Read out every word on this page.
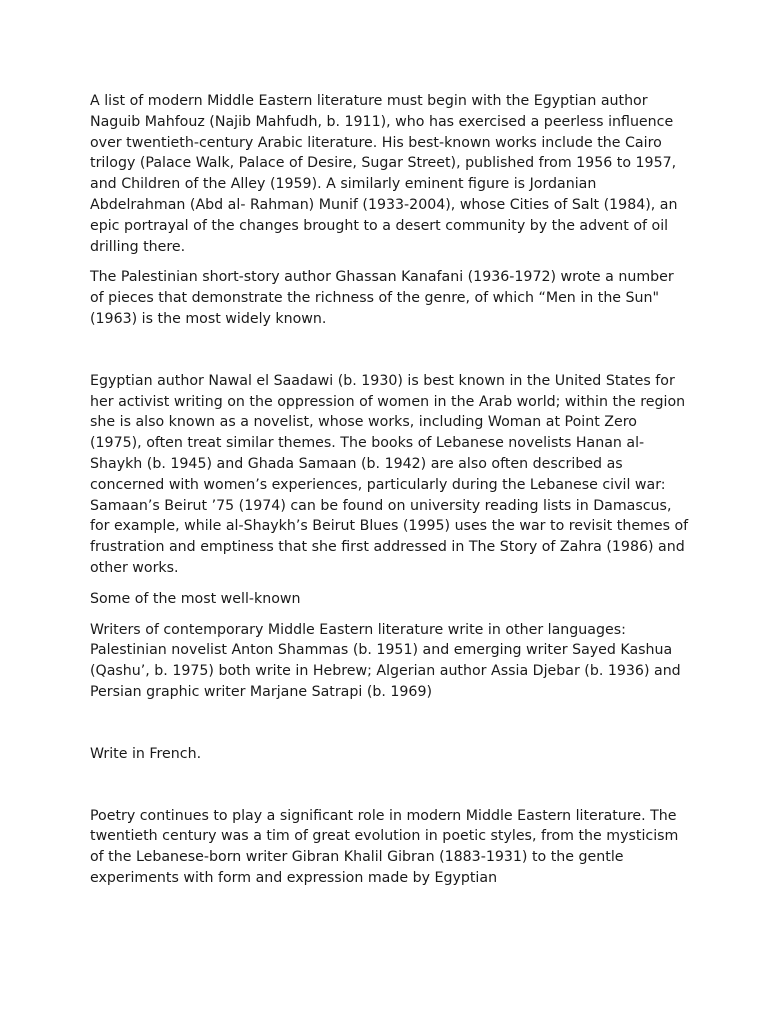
A list of modern Middle Eastern literature must begin with the Egyptian author Naguib Mahfouz (Najib Mahfudh, b. 1911), who has exercised a peerless influence over twentieth-century Arabic literature. His best-known works include the Cairo trilogy (Palace Walk, Palace of Desire, Sugar Street), published from 1956 to 1957, and Children of the Alley (1959). A similarly eminent figure is Jordanian Abdelrahman (Abd al- Rahman) Munif (1933-2004), whose Cities of Salt (1984), an epic portrayal of the changes brought to a desert community by the advent of oil drilling there.

The Palestinian short-story author Ghassan Kanafani (1936-1972) wrote a number of pieces that demonstrate the richness of the genre, of which “Men in the Sun" (1963) is the most widely known.

Egyptian author Nawal el Saadawi (b. 1930) is best known in the United States for her activist writing on the oppression of women in the Arab world; within the region she is also known as a novelist, whose works, including Woman at Point Zero (1975), often treat similar themes. The books of Lebanese novelists Hanan al- Shaykh (b. 1945) and Ghada Samaan (b. 1942) are also often described as concerned with women’s experiences, particularly during the Lebanese civil war: Samaan’s Beirut ’75 (1974) can be found on university reading lists in Damascus, for example, while al-Shaykh’s Beirut Blues (1995) uses the war to revisit themes of frustration and emptiness that she first addressed in The Story of Zahra (1986) and other works.

Some of the most well-known

Writers of contemporary Middle Eastern literature write in other languages: Palestinian novelist Anton Shammas (b. 1951) and emerging writer Sayed Kashua (Qashu’, b. 1975) both write in Hebrew; Algerian author Assia Djebar (b. 1936) and Persian graphic writer Marjane Satrapi (b. 1969)

Write in French.

Poetry continues to play a significant role in modern Middle Eastern literature. The twentieth century was a tim of great evolution in poetic styles, from the mysticism of the Lebanese-born writer Gibran Khalil Gibran (1883-1931) to the gentle experiments with form and expression made by Egyptian
